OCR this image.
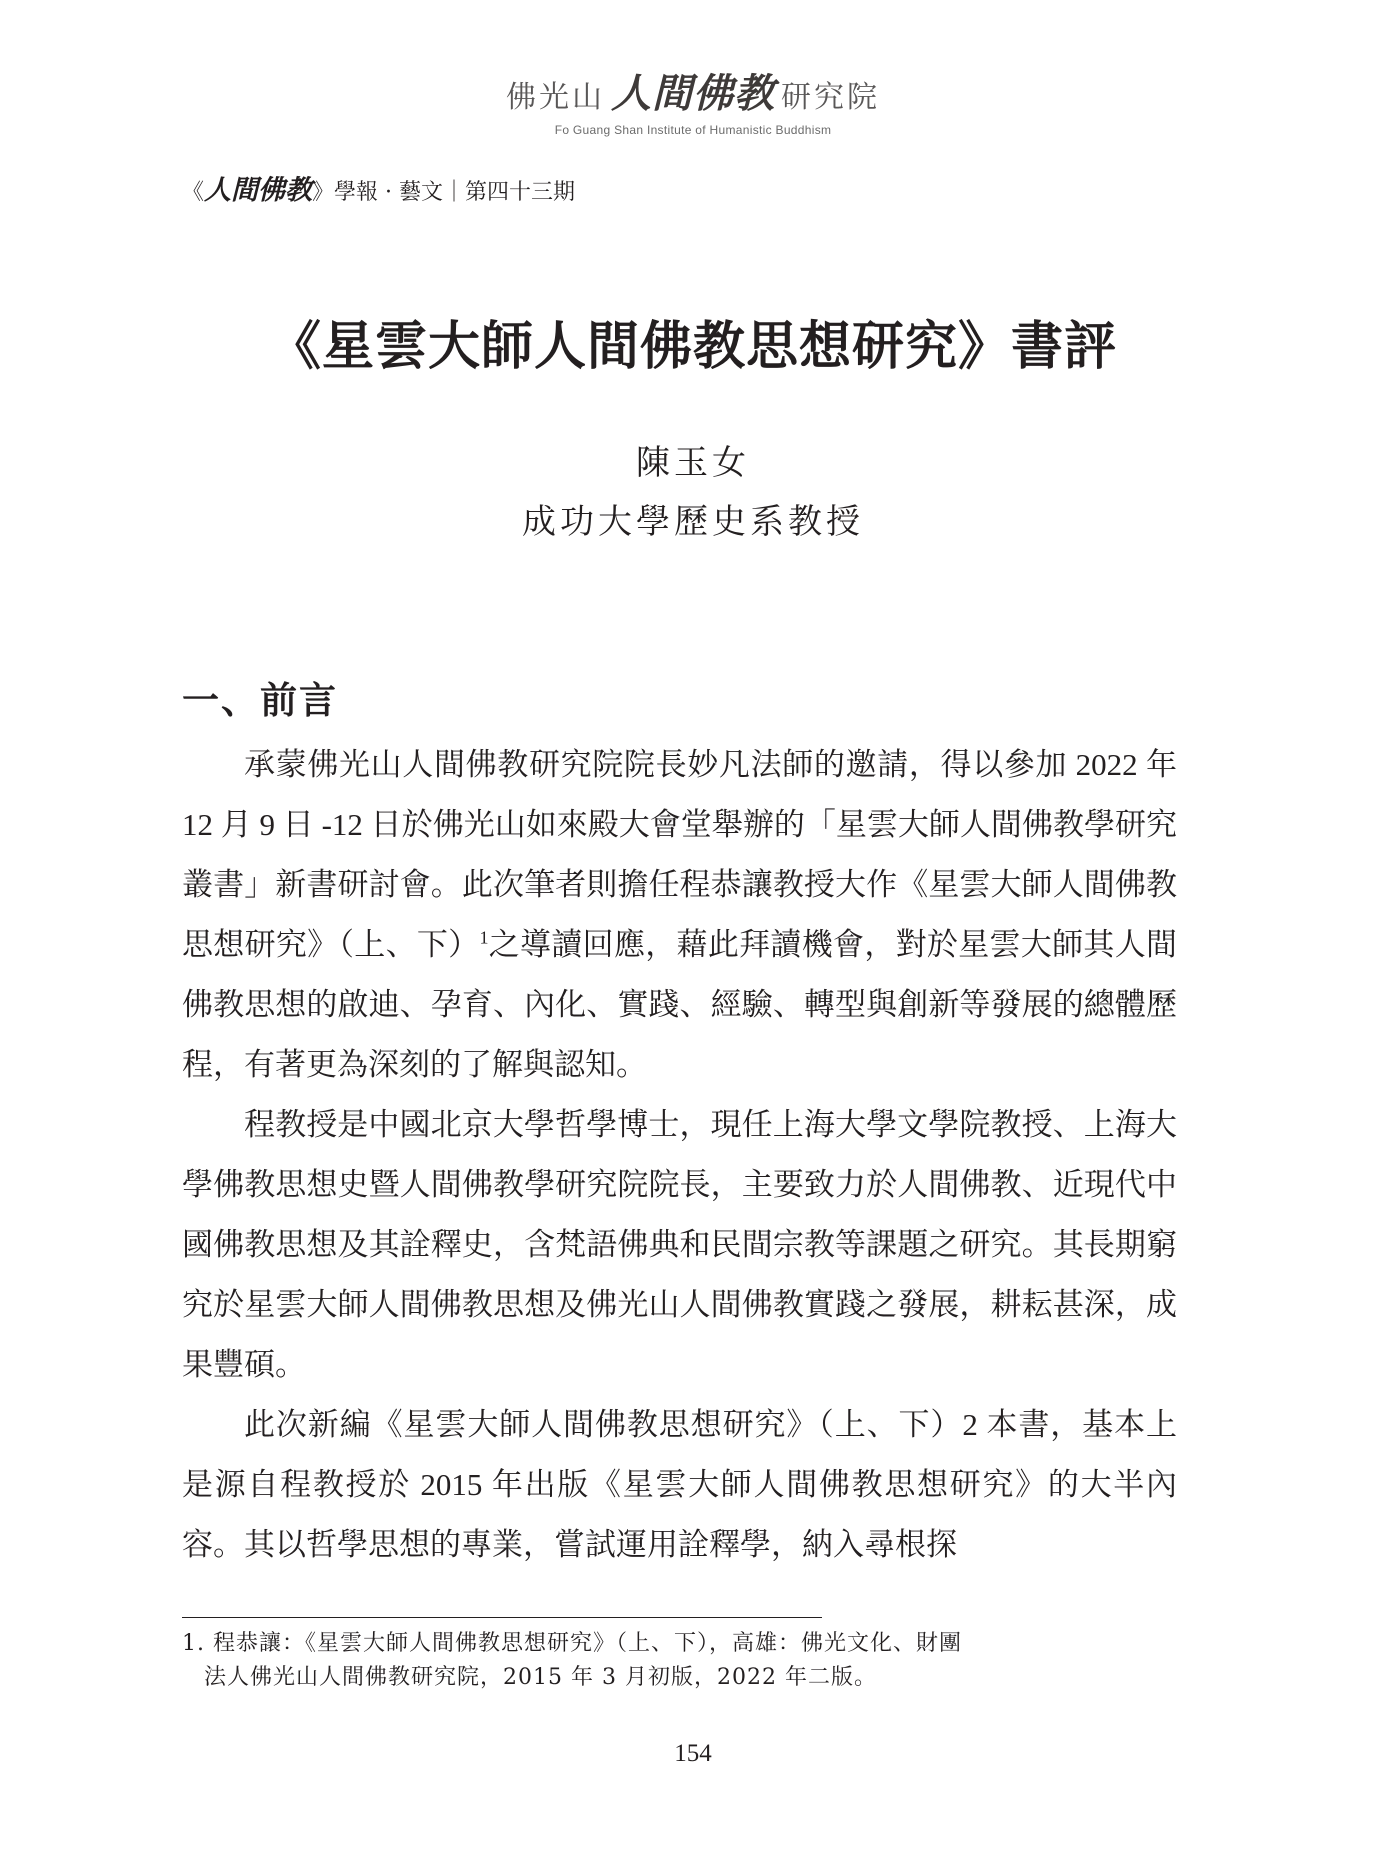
佛光山 人間佛教 研究院
Fo Guang Shan Institute of Humanistic Buddhism
《人間佛教》學報 · 藝文｜第四十三期
《星雲大師人間佛教思想研究》書評
陳玉女
成功大學歷史系教授
一、前言

承蒙佛光山人間佛教研究院院長妙凡法師的邀請，得以參加 2022 年 12 月 9 日 -12 日於佛光山如來殿大會堂舉辦的「星雲大師人間佛教學研究叢書」新書研討會。此次筆者則擔任程恭讓教授大作《星雲大師人間佛教思想研究》（上、下）$^1$之導讀回應，藉此拜讀機會，對於星雲大師其人間佛教思想的啟迪、孕育、內化、實踐、經驗、轉型與創新等發展的總體歷程，有著更為深刻的了解與認知。

程教授是中國北京大學哲學博士，現任上海大學文學院教授、上海大學佛教思想史暨人間佛教學研究院院長，主要致力於人間佛教、近現代中國佛教思想及其詮釋史，含梵語佛典和民間宗教等課題之研究。其長期窮究於星雲大師人間佛教思想及佛光山人間佛教實踐之發展，耕耘甚深，成果豐碩。

此次新編《星雲大師人間佛教思想研究》（上、下）2 本書，基本上是源自程教授於 2015 年出版《星雲大師人間佛教思想研究》的大半內容。其以哲學思想的專業，嘗試運用詮釋學，納入尋根探

1. 程恭讓：《星雲大師人間佛教思想研究》（上、下），高雄：佛光文化、財團
法人佛光山人間佛教研究院，2015 年 3 月初版，2022 年二版。
154
